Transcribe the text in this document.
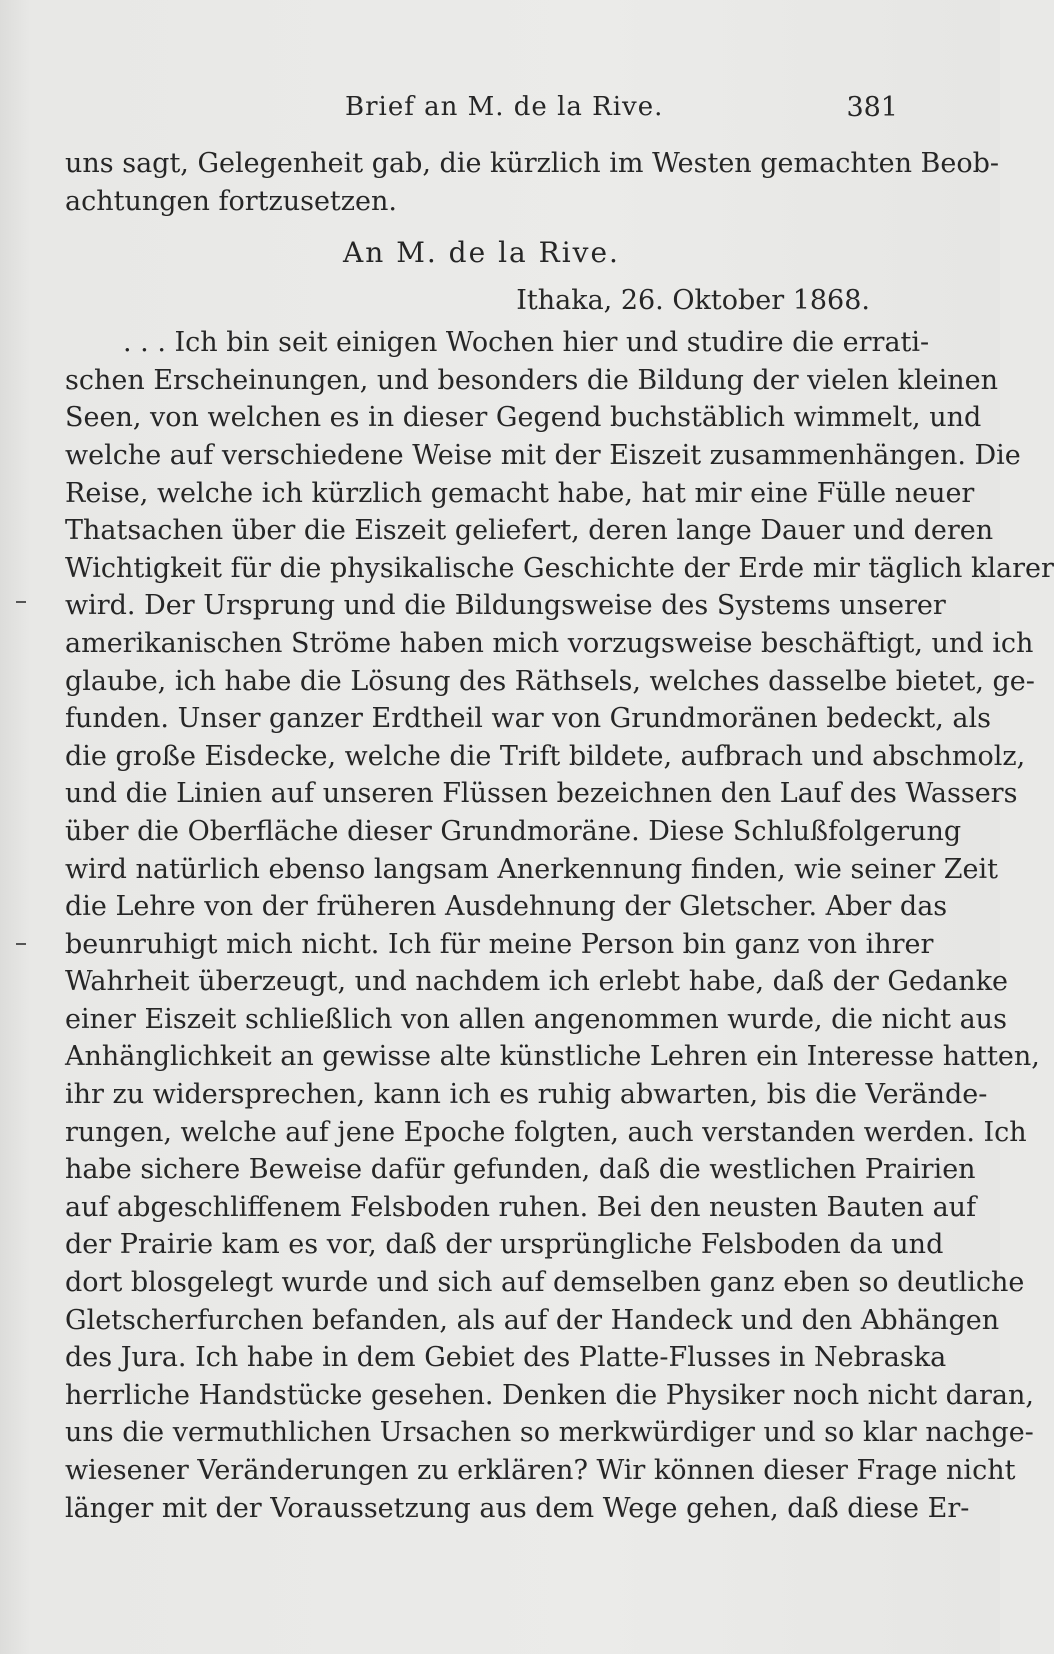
Brief an M. de la Rive.	381
uns sagt, Gelegenheit gab, die kürzlich im Westen gemachten Beob-
achtungen fortzusetzen.
An M. de la Rive.
Ithaka, 26. Oktober 1868.
. . . Ich bin seit einigen Wochen hier und studire die errati-
schen Erscheinungen, und besonders die Bildung der vielen kleinen
Seen, von welchen es in dieser Gegend buchstäblich wimmelt, und
welche auf verschiedene Weise mit der Eiszeit zusammenhängen. Die
Reise, welche ich kürzlich gemacht habe, hat mir eine Fülle neuer
Thatsachen über die Eiszeit geliefert, deren lange Dauer und deren
Wichtigkeit für die physikalische Geschichte der Erde mir täglich klarer
wird. Der Ursprung und die Bildungsweise des Systems unserer
amerikanischen Ströme haben mich vorzugsweise beschäftigt, und ich
glaube, ich habe die Lösung des Räthsels, welches dasselbe bietet, ge-
funden. Unser ganzer Erdtheil war von Grundmoränen bedeckt, als
die große Eisdecke, welche die Trift bildete, aufbrach und abschmolz,
und die Linien auf unseren Flüssen bezeichnen den Lauf des Wassers
über die Oberfläche dieser Grundmoräne. Diese Schlußfolgerung
wird natürlich ebenso langsam Anerkennung finden, wie seiner Zeit
die Lehre von der früheren Ausdehnung der Gletscher. Aber das
beunruhigt mich nicht. Ich für meine Person bin ganz von ihrer
Wahrheit überzeugt, und nachdem ich erlebt habe, daß der Gedanke
einer Eiszeit schließlich von allen angenommen wurde, die nicht aus
Anhänglichkeit an gewisse alte künstliche Lehren ein Interesse hatten,
ihr zu widersprechen, kann ich es ruhig abwarten, bis die Verände-
rungen, welche auf jene Epoche folgten, auch verstanden werden. Ich
habe sichere Beweise dafür gefunden, daß die westlichen Prairien
auf abgeschliffenem Felsboden ruhen. Bei den neusten Bauten auf
der Prairie kam es vor, daß der ursprüngliche Felsboden da und
dort blosgelegt wurde und sich auf demselben ganz eben so deutliche
Gletscherfurchen befanden, als auf der Handeck und den Abhängen
des Jura. Ich habe in dem Gebiet des Platte-Flusses in Nebraska
herrliche Handstücke gesehen. Denken die Physiker noch nicht daran,
uns die vermuthlichen Ursachen so merkwürdiger und so klar nachge-
wiesener Veränderungen zu erklären? Wir können dieser Frage nicht
länger mit der Voraussetzung aus dem Wege gehen, daß diese Er-
